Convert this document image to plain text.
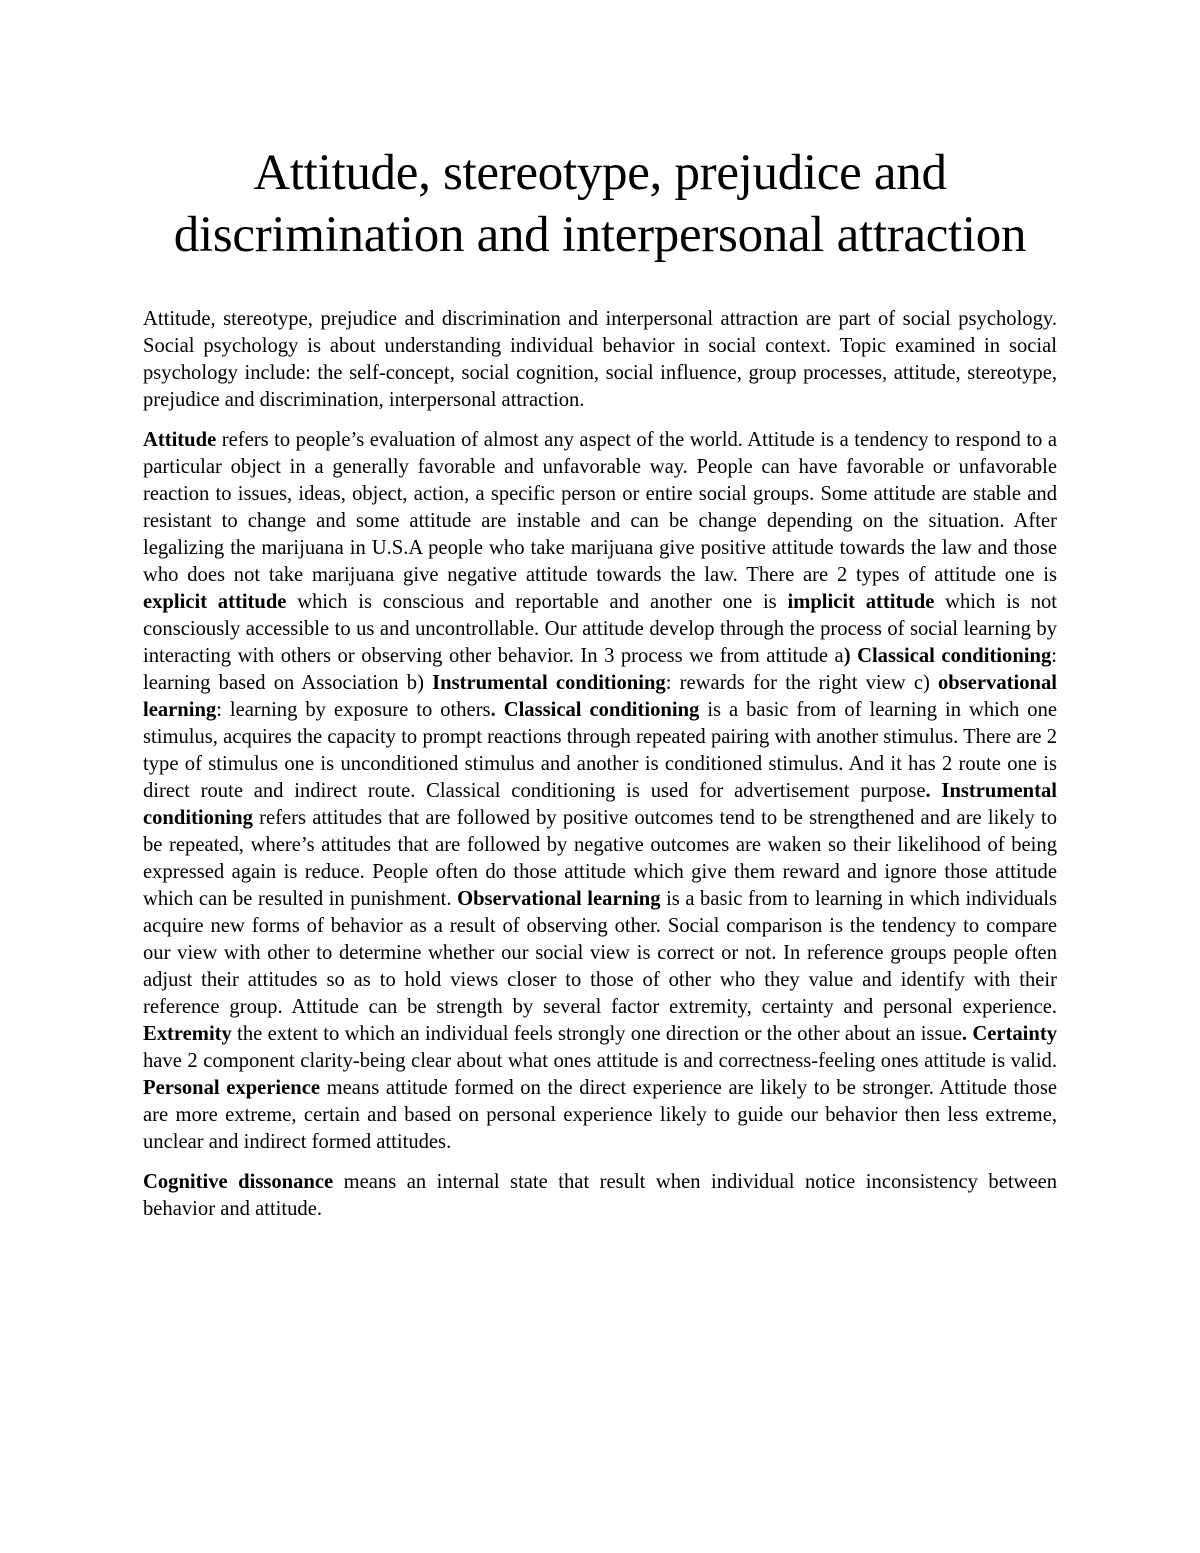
Attitude, stereotype, prejudice and discrimination and interpersonal attraction

Attitude, stereotype, prejudice and discrimination and interpersonal attraction are part of social psychology. Social psychology is about understanding individual behavior in social context. Topic examined in social psychology include: the self-concept, social cognition, social influence, group processes, attitude, stereotype, prejudice and discrimination, interpersonal attraction.

Attitude refers to people’s evaluation of almost any aspect of the world. Attitude is a tendency to respond to a particular object in a generally favorable and unfavorable way. People can have favorable or unfavorable reaction to issues, ideas, object, action, a specific person or entire social groups. Some attitude are stable and resistant to change and some attitude are instable and can be change depending on the situation. After legalizing the marijuana in U.S.A people who take marijuana give positive attitude towards the law and those who does not take marijuana give negative attitude towards the law. There are 2 types of attitude one is explicit attitude which is conscious and reportable and another one is implicit attitude which is not consciously accessible to us and uncontrollable. Our attitude develop through the process of social learning by interacting with others or observing other behavior. In 3 process we from attitude a) Classical conditioning: learning based on Association b) Instrumental conditioning: rewards for the right view c) observational learning: learning by exposure to others. Classical conditioning is a basic from of learning in which one stimulus, acquires the capacity to prompt reactions through repeated pairing with another stimulus. There are 2 type of stimulus one is unconditioned stimulus and another is conditioned stimulus. And it has 2 route one is direct route and indirect route. Classical conditioning is used for advertisement purpose. Instrumental conditioning refers attitudes that are followed by positive outcomes tend to be strengthened and are likely to be repeated, where’s attitudes that are followed by negative outcomes are waken so their likelihood of being expressed again is reduce. People often do those attitude which give them reward and ignore those attitude which can be resulted in punishment. Observational learning is a basic from to learning in which individuals acquire new forms of behavior as a result of observing other. Social comparison is the tendency to compare our view with other to determine whether our social view is correct or not. In reference groups people often adjust their attitudes so as to hold views closer to those of other who they value and identify with their reference group. Attitude can be strength by several factor extremity, certainty and personal experience. Extremity the extent to which an individual feels strongly one direction or the other about an issue. Certainty have 2 component clarity-being clear about what ones attitude is and correctness-feeling ones attitude is valid. Personal experience means attitude formed on the direct experience are likely to be stronger. Attitude those are more extreme, certain and based on personal experience likely to guide our behavior then less extreme, unclear and indirect formed attitudes.

Cognitive dissonance means an internal state that result when individual notice inconsistency between behavior and attitude.
